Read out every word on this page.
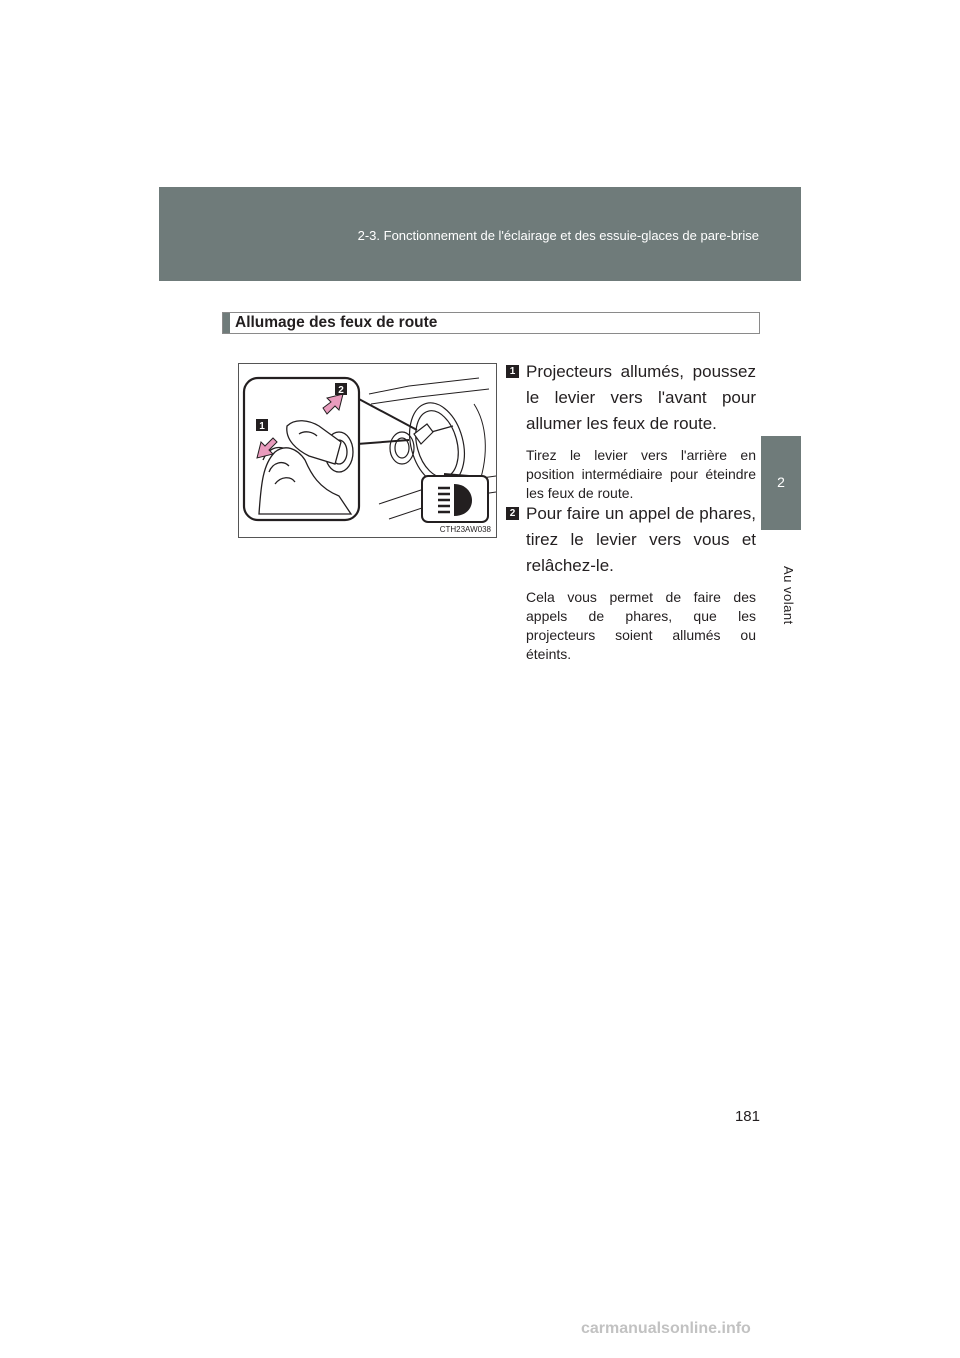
2-3. Fonctionnement de l'éclairage et des essuie-glaces de pare-brise
2
Au volant
Allumage des feux de route
2
1
CTH23AW038
1 Projecteurs allumés, poussez le levier vers l'avant pour allumer les feux de route.
Tirez le levier vers l'arrière en position intermédiaire pour éteindre les feux de route.
2 Pour faire un appel de phares, tirez le levier vers vous et relâchez-le.
Cela vous permet de faire des appels de phares, que les projecteurs soient allumés ou éteints.
181
carmanualsonline.info
